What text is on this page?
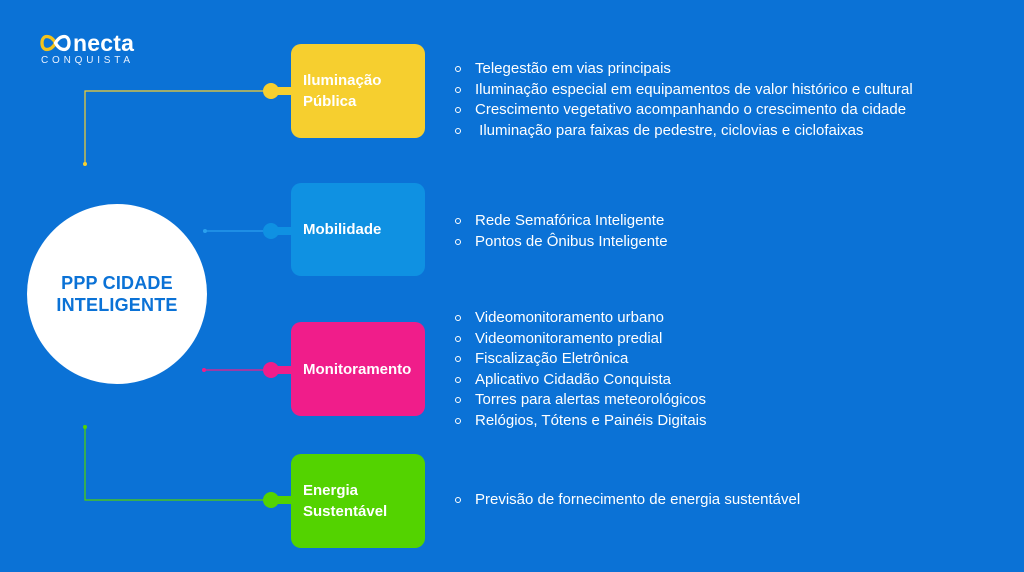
necta
CONQUISTA
PPP CIDADE
INTELIGENTE
Iluminação
Pública
Mobilidade
Monitoramento
Energia
Sustentável
Telegestão em vias principais
Iluminação especial em equipamentos de valor histórico e cultural
Crescimento vegetativo acompanhando o crescimento da cidade
Iluminação para faixas de pedestre, ciclovias e ciclofaixas
Rede Semafórica Inteligente
Pontos de Ônibus Inteligente
Videomonitoramento urbano
Videomonitoramento predial
Fiscalização Eletrônica
Aplicativo Cidadão Conquista
Torres para alertas meteorológicos
Relógios, Tótens e Painéis Digitais
Previsão de fornecimento de energia sustentável
